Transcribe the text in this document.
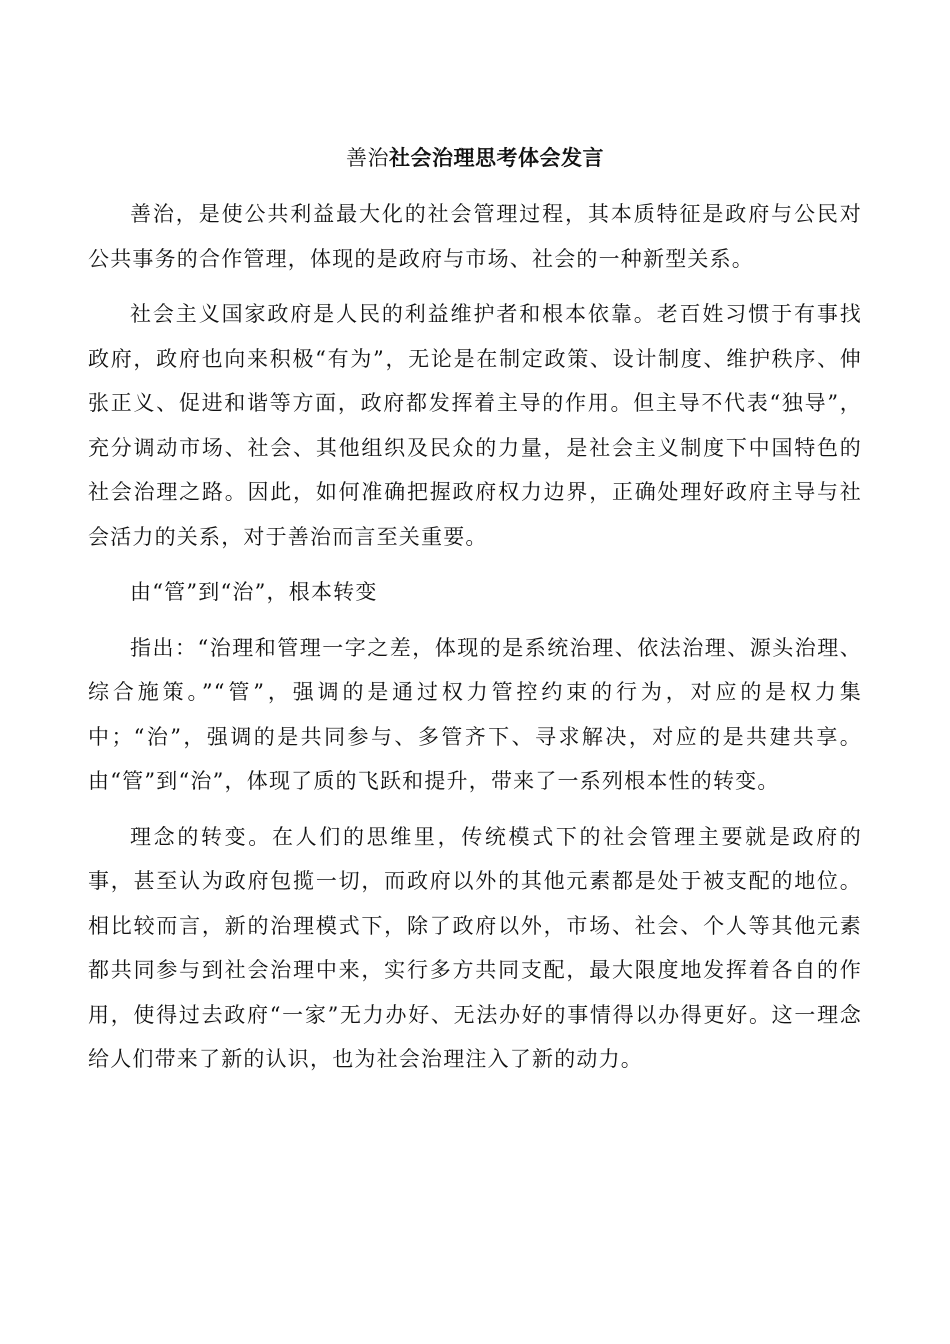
善治社会治理思考体会发言

善治，是使公共利益最大化的社会管理过程，其本质特征是政府与公民对公共事务的合作管理，体现的是政府与市场、社会的一种新型关系。

社会主义国家政府是人民的利益维护者和根本依靠。老百姓习惯于有事找政府，政府也向来积极“有为”，无论是在制定政策、设计制度、维护秩序、伸张正义、促进和谐等方面，政府都发挥着主导的作用。但主导不代表“独导”，充分调动市场、社会、其他组织及民众的力量，是社会主义制度下中国特色的社会治理之路。因此，如何准确把握政府权力边界，正确处理好政府主导与社会活力的关系，对于善治而言至关重要。

由“管”到“治”，根本转变

指出：“治理和管理一字之差，体现的是系统治理、依法治理、源头治理、综合施策。”“管”，强调的是通过权力管控约束的行为，对应的是权力集中；“治”，强调的是共同参与、多管齐下、寻求解决，对应的是共建共享。由“管”到“治”，体现了质的飞跃和提升，带来了一系列根本性的转变。

理念的转变。在人们的思维里，传统模式下的社会管理主要就是政府的事，甚至认为政府包揽一切，而政府以外的其他元素都是处于被支配的地位。相比较而言，新的治理模式下，除了政府以外，市场、社会、个人等其他元素都共同参与到社会治理中来，实行多方共同支配，最大限度地发挥着各自的作用，使得过去政府“一家”无力办好、无法办好的事情得以办得更好。这一理念给人们带来了新的认识，也为社会治理注入了新的动力。
